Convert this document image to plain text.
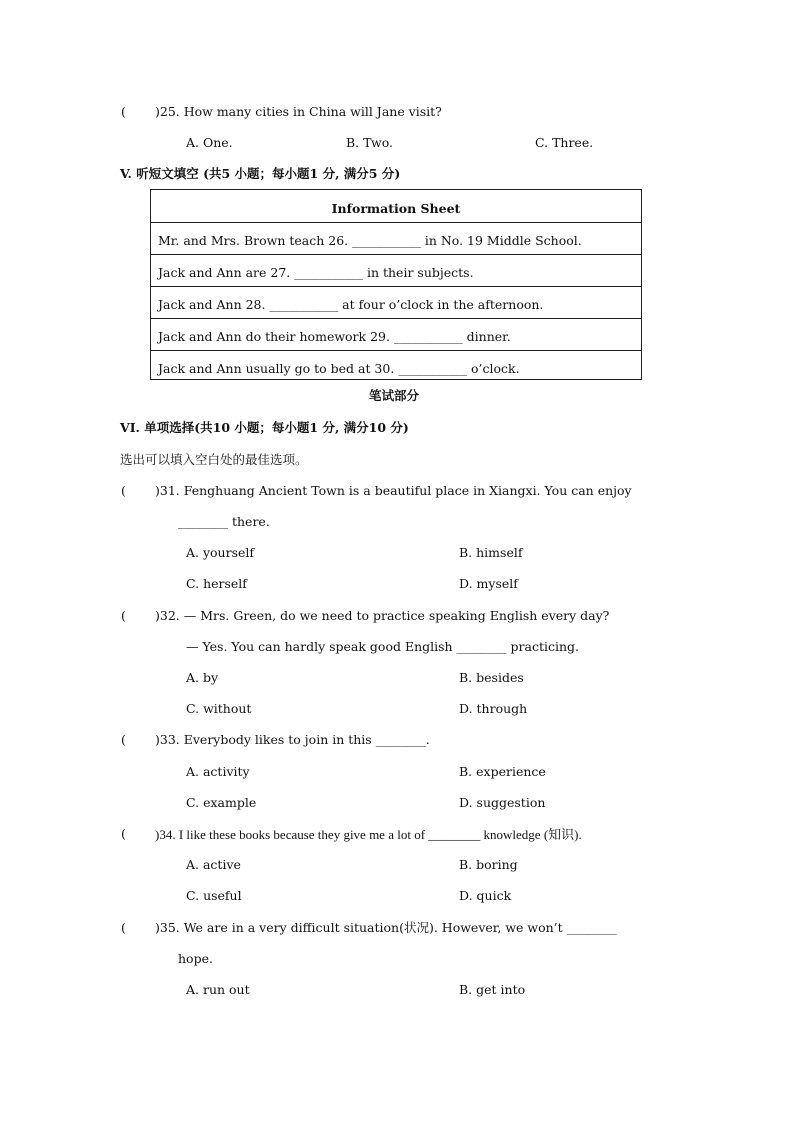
( )25. How many cities in China will Jane visit?
A. One.	B. Two.	C. Three.
V. 听短文填空 (共5 小题；每小题1 分, 满分5 分)
Information Sheet
Mr. and Mrs. Brown teach 26. ___________ in No. 19 Middle School.
Jack and Ann are 27. ___________ in their subjects.
Jack and Ann 28. ___________ at four o’clock in the afternoon.
Jack and Ann do their homework 29. ___________ dinner.
Jack and Ann usually go to bed at 30. ___________ o’clock.
笔试部分
VI. 单项选择(共10 小题；每小题1 分, 满分10 分)
选出可以填入空白处的最佳选项。
( )31. Fenghuang Ancient Town is a beautiful place in Xiangxi. You can enjoy
________ there.
A. yourself	B. himself
C. herself	D. myself
( )32. — Mrs. Green, do we need to practice speaking English every day?
— Yes. You can hardly speak good English ________ practicing.
A. by	B. besides
C. without	D. through
( )33. Everybody likes to join in this ________.
A. activity	B. experience
C. example	D. suggestion
( )34. I like these books because they give me a lot of ________ knowledge (知识).
A. active	B. boring
C. useful	D. quick
( )35. We are in a very difficult situation(状况). However, we won’t ________
hope.
A. run out	B. get into
